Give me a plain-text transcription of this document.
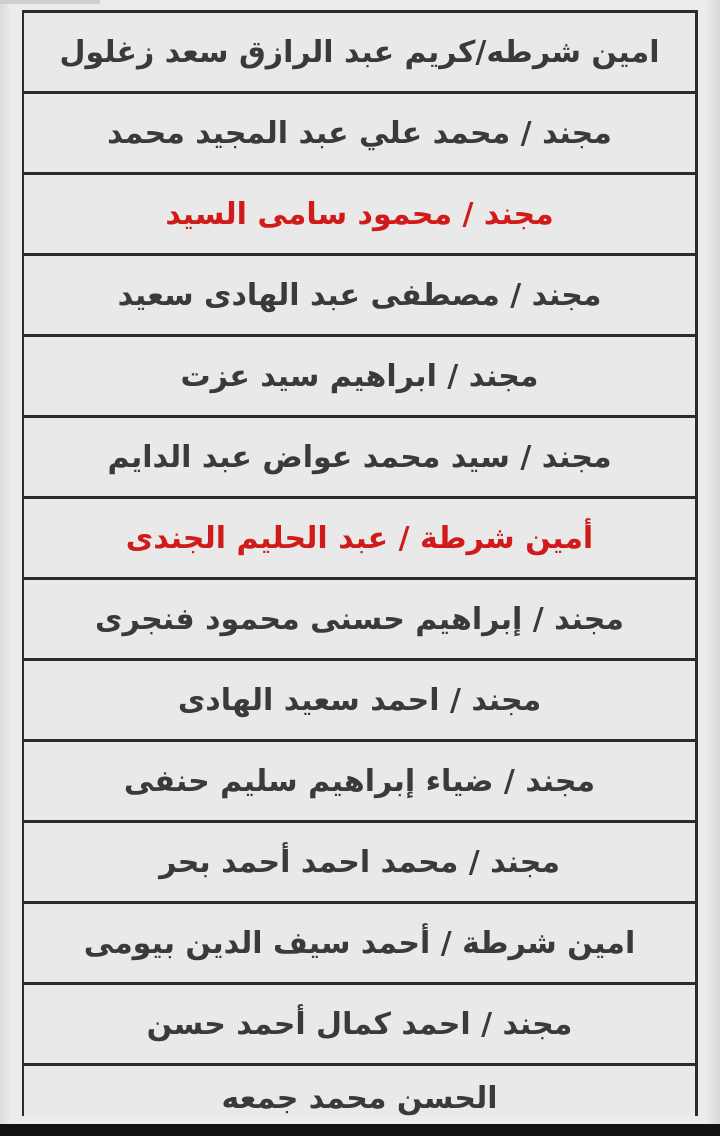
امين شرطه/كريم عبد الرازق سعد زغلول
مجند / محمد علي عبد المجيد محمد
مجند / محمود سامى السيد
مجند / مصطفى عبد الهادى سعيد
مجند / ابراهيم سيد عزت
مجند / سيد محمد عواض عبد الدايم
أمين شرطة / عبد الحليم الجندى
مجند / إبراهيم حسنى محمود فنجرى
مجند / احمد سعيد الهادى
مجند / ضياء إبراهيم سليم حنفى
مجند / محمد احمد أحمد بحر
امين شرطة / أحمد سيف الدين بيومى
مجند / احمد كمال أحمد حسن
الحسن محمد جمعه
